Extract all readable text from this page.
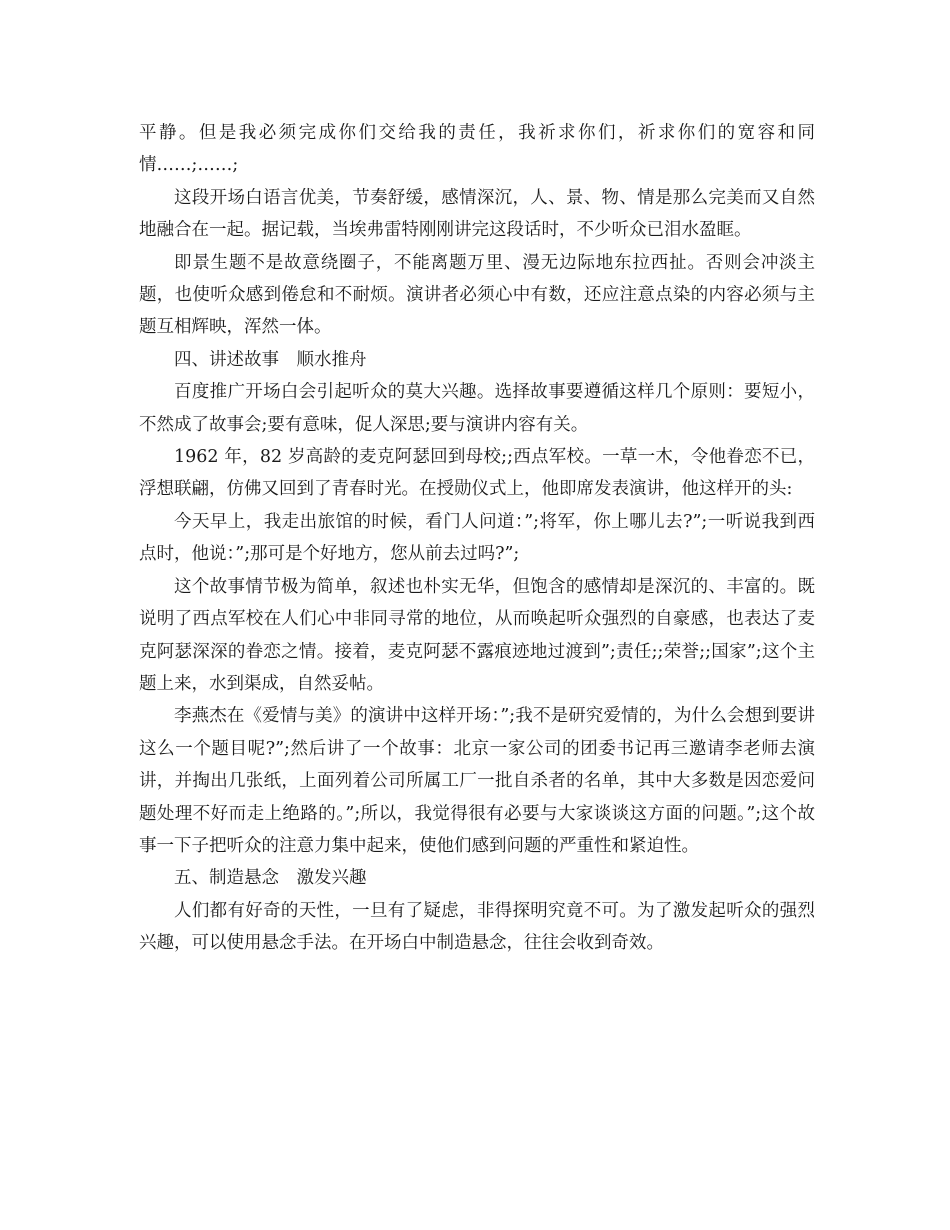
平静。但是我必须完成你们交给我的责任，我祈求你们，祈求你们的宽容和同情……;……;

这段开场白语言优美，节奏舒缓，感情深沉，人、景、物、情是那么完美而又自然地融合在一起。据记载，当埃弗雷特刚刚讲完这段话时，不少听众已泪水盈眶。

即景生题不是故意绕圈子，不能离题万里、漫无边际地东拉西扯。否则会冲淡主题，也使听众感到倦怠和不耐烦。演讲者必须心中有数，还应注意点染的内容必须与主题互相辉映，浑然一体。

四、讲述故事　顺水推舟

百度推广开场白会引起听众的莫大兴趣。选择故事要遵循这样几个原则：要短小，不然成了故事会;要有意味，促人深思;要与演讲内容有关。

1962 年，82 岁高龄的麦克阿瑟回到母校;;西点军校。一草一木，令他眷恋不已，浮想联翩，仿佛又回到了青春时光。在授勋仪式上，他即席发表演讲，他这样开的头:

今天早上，我走出旅馆的时候，看门人问道：”;将军，你上哪儿去?”;一听说我到西点时，他说：”;那可是个好地方，您从前去过吗?”;

这个故事情节极为简单，叙述也朴实无华，但饱含的感情却是深沉的、丰富的。既说明了西点军校在人们心中非同寻常的地位，从而唤起听众强烈的自豪感，也表达了麦克阿瑟深深的眷恋之情。接着，麦克阿瑟不露痕迹地过渡到”;责任;;荣誉;;国家”;这个主题上来，水到渠成，自然妥帖。

李燕杰在《爱情与美》的演讲中这样开场：”;我不是研究爱情的，为什么会想到要讲这么一个题目呢?”;然后讲了一个故事：北京一家公司的团委书记再三邀请李老师去演讲，并掏出几张纸，上面列着公司所属工厂一批自杀者的名单，其中大多数是因恋爱问题处理不好而走上绝路的。”;所以，我觉得很有必要与大家谈谈这方面的问题。”;这个故事一下子把听众的注意力集中起来，使他们感到问题的严重性和紧迫性。

五、制造悬念　激发兴趣

人们都有好奇的天性，一旦有了疑虑，非得探明究竟不可。为了激发起听众的强烈兴趣，可以使用悬念手法。在开场白中制造悬念，往往会收到奇效。
